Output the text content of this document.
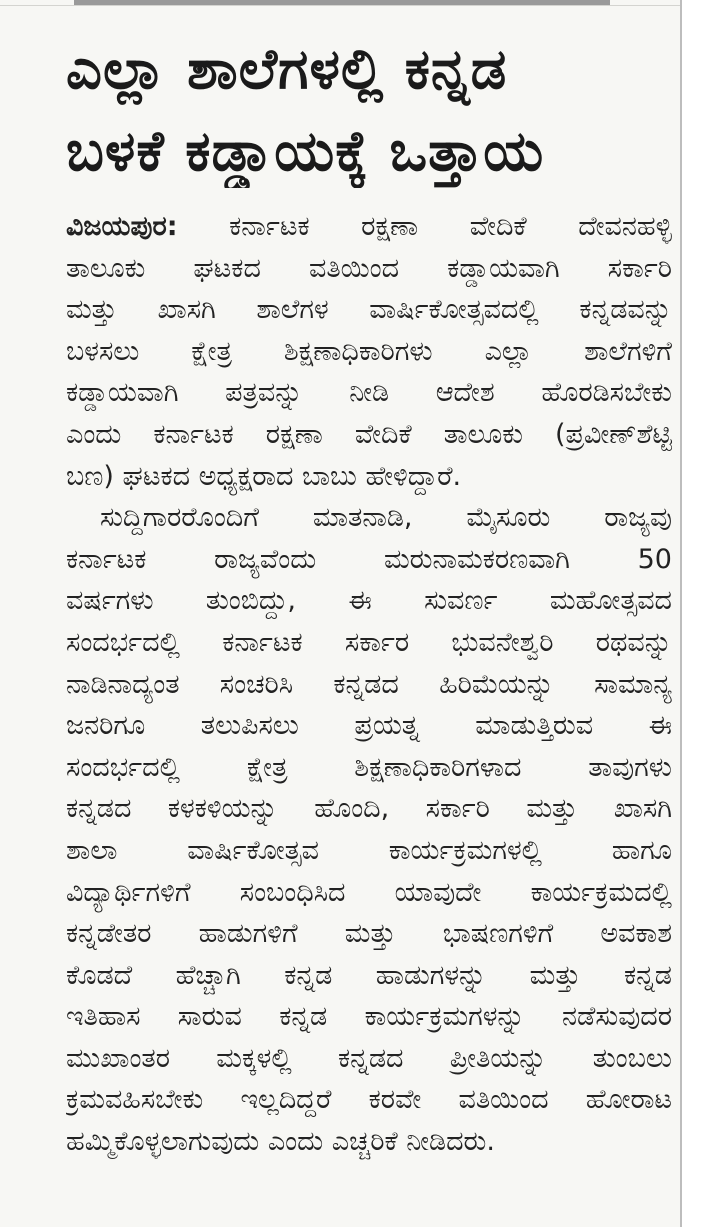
ಎಲ್ಲಾ ಶಾಲೆಗಳಲ್ಲಿ ಕನ್ನಡ
ಬಳಕೆ ಕಡ್ಡಾಯಕ್ಕೆ ಒತ್ತಾಯ
ವಿಜಯಪುರ: ಕರ್ನಾಟಕ ರಕ್ಷಣಾ ವೇದಿಕೆ ದೇವನಹಳ್ಳಿ
ತಾಲೂಕು ಘಟಕದ ವತಿಯಿಂದ ಕಡ್ಡಾಯವಾಗಿ ಸರ್ಕಾರಿ
ಮತ್ತು ಖಾಸಗಿ ಶಾಲೆಗಳ ವಾರ್ಷಿಕೋತ್ಸವದಲ್ಲಿ ಕನ್ನಡವನ್ನು
ಬಳಸಲು ಕ್ಷೇತ್ರ ಶಿಕ್ಷಣಾಧಿಕಾರಿಗಳು ಎಲ್ಲಾ ಶಾಲೆಗಳಿಗೆ
ಕಡ್ಡಾಯವಾಗಿ ಪತ್ರವನ್ನು ನೀಡಿ ಆದೇಶ ಹೊರಡಿಸಬೇಕು
ಎಂದು ಕರ್ನಾಟಕ ರಕ್ಷಣಾ ವೇದಿಕೆ ತಾಲೂಕು (ಪ್ರವೀಣ್‌ಶೆಟ್ಟಿ
ಬಣ) ಘಟಕದ ಅಧ್ಯಕ್ಷರಾದ ಬಾಬು ಹೇಳಿದ್ದಾರೆ.
ಸುದ್ದಿಗಾರರೊಂದಿಗೆ ಮಾತನಾಡಿ, ಮೈಸೂರು ರಾಜ್ಯವು
ಕರ್ನಾಟಕ ರಾಜ್ಯವೆಂದು ಮರುನಾಮಕರಣವಾಗಿ 50
ವರ್ಷಗಳು ತುಂಬಿದ್ದು, ಈ ಸುವರ್ಣ ಮಹೋತ್ಸವದ
ಸಂದರ್ಭದಲ್ಲಿ ಕರ್ನಾಟಕ ಸರ್ಕಾರ ಭುವನೇಶ್ವರಿ ರಥವನ್ನು
ನಾಡಿನಾದ್ಯಂತ ಸಂಚರಿಸಿ ಕನ್ನಡದ ಹಿರಿಮೆಯನ್ನು ಸಾಮಾನ್ಯ
ಜನರಿಗೂ ತಲುಪಿಸಲು ಪ್ರಯತ್ನ ಮಾಡುತ್ತಿರುವ ಈ
ಸಂದರ್ಭದಲ್ಲಿ ಕ್ಷೇತ್ರ ಶಿಕ್ಷಣಾಧಿಕಾರಿಗಳಾದ ತಾವುಗಳು
ಕನ್ನಡದ ಕಳಕಳಿಯನ್ನು ಹೊಂದಿ, ಸರ್ಕಾರಿ ಮತ್ತು ಖಾಸಗಿ
ಶಾಲಾ ವಾರ್ಷಿಕೋತ್ಸವ ಕಾರ್ಯಕ್ರಮಗಳಲ್ಲಿ ಹಾಗೂ
ವಿದ್ಯಾರ್ಥಿಗಳಿಗೆ ಸಂಬಂಧಿಸಿದ ಯಾವುದೇ ಕಾರ್ಯಕ್ರಮದಲ್ಲಿ
ಕನ್ನಡೇತರ ಹಾಡುಗಳಿಗೆ ಮತ್ತು ಭಾಷಣಗಳಿಗೆ ಅವಕಾಶ
ಕೊಡದೆ ಹೆಚ್ಚಾಗಿ ಕನ್ನಡ ಹಾಡುಗಳನ್ನು ಮತ್ತು ಕನ್ನಡ
ಇತಿಹಾಸ ಸಾರುವ ಕನ್ನಡ ಕಾರ್ಯಕ್ರಮಗಳನ್ನು ನಡೆಸುವುದರ
ಮುಖಾಂತರ ಮಕ್ಕಳಲ್ಲಿ ಕನ್ನಡದ ಪ್ರೀತಿಯನ್ನು ತುಂಬಲು
ಕ್ರಮವಹಿಸಬೇಕು ಇಲ್ಲದಿದ್ದರೆ ಕರವೇ ವತಿಯಿಂದ ಹೋರಾಟ
ಹಮ್ಮಿಕೊಳ್ಳಲಾಗುವುದು ಎಂದು ಎಚ್ಚರಿಕೆ ನೀಡಿದರು.
